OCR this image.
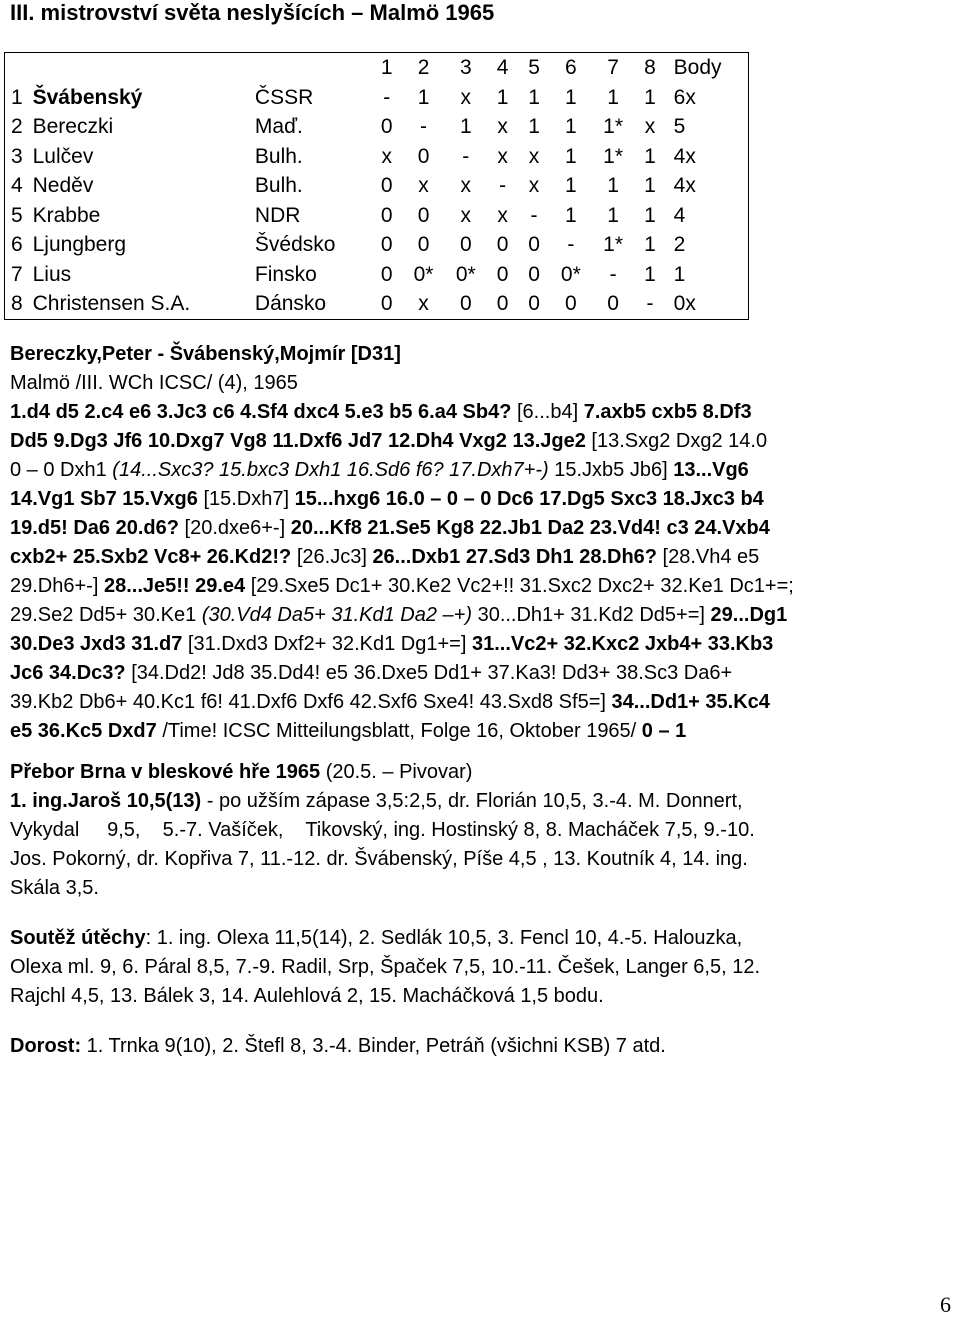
III. mistrovství světa neslyšících – Malmö 1965
			1	2	3	4	5	6	7	8	Body
1	Švábenský	ČSSR	-	1	x	1	1	1	1	1	6x
2	Bereczki	Maď.	0	-	1	x	1	1	1*	x	5
3	Lulčev	Bulh.	x	0	-	x	x	1	1*	1	4x
4	Neděv	Bulh.	0	x	x	-	x	1	1	1	4x
5	Krabbe	NDR	0	0	x	x	-	1	1	1	4
6	Ljungberg	Švédsko	0	0	0	0	0	-	1*	1	2
7	Lius	Finsko	0	0*	0*	0	0	0*	-	1	1
8	Christensen S.A.	Dánsko	0	x	0	0	0	0	0	-	0x
Bereczky,Peter - Švábenský,Mojmír [D31]
Malmö /III. WCh ICSC/ (4), 1965
1.d4 d5 2.c4 e6 3.Jc3 c6 4.Sf4 dxc4 5.e3 b5 6.a4 Sb4? [6...b4] 7.axb5 cxb5 8.Df3
Dd5 9.Dg3 Jf6 10.Dxg7 Vg8 11.Dxf6 Jd7 12.Dh4 Vxg2 13.Jge2 [13.Sxg2 Dxg2 14.0
0 – 0 Dxh1 (14...Sxc3? 15.bxc3 Dxh1 16.Sd6 f6? 17.Dxh7+-) 15.Jxb5 Jb6] 13...Vg6
14.Vg1 Sb7 15.Vxg6 [15.Dxh7] 15...hxg6 16.0 – 0 – 0 Dc6 17.Dg5 Sxc3 18.Jxc3 b4
19.d5! Da6 20.d6? [20.dxe6+-] 20...Kf8 21.Se5 Kg8 22.Jb1 Da2 23.Vd4! c3 24.Vxb4
cxb2+ 25.Sxb2 Vc8+ 26.Kd2!? [26.Jc3] 26...Dxb1 27.Sd3 Dh1 28.Dh6? [28.Vh4 e5
29.Dh6+-] 28...Je5!! 29.e4 [29.Sxe5 Dc1+ 30.Ke2 Vc2+!! 31.Sxc2 Dxc2+ 32.Ke1 Dc1+=;
29.Se2 Dd5+ 30.Ke1 (30.Vd4 Da5+ 31.Kd1 Da2 –+) 30...Dh1+ 31.Kd2 Dd5+=] 29...Dg1
30.De3 Jxd3 31.d7 [31.Dxd3 Dxf2+ 32.Kd1 Dg1+=] 31...Vc2+ 32.Kxc2 Jxb4+ 33.Kb3
Jc6 34.Dc3? [34.Dd2! Jd8 35.Dd4! e5 36.Dxe5 Dd1+ 37.Ka3! Dd3+ 38.Sc3 Da6+
39.Kb2 Db6+ 40.Kc1 f6! 41.Dxf6 Dxf6 42.Sxf6 Sxe4! 43.Sxd8 Sf5=] 34...Dd1+ 35.Kc4
e5 36.Kc5 Dxd7 /Time! ICSC Mitteilungsblatt, Folge 16, Oktober 1965/ 0 – 1
Přebor Brna v bleskové hře 1965 (20.5. – Pivovar)
1. ing.Jaroš 10,5(13) - po užším zápase 3,5:2,5, dr. Florián 10,5, 3.-4. M. Donnert,
Vykydal     9,5,    5.-7. Vašíček,    Tikovský, ing. Hostinský 8, 8. Macháček 7,5, 9.-10.
Jos. Pokorný, dr. Kopřiva 7, 11.-12. dr. Švábenský, Píše 4,5 , 13. Koutník 4, 14. ing.
Skála 3,5.
Soutěž útěchy: 1. ing. Olexa 11,5(14), 2. Sedlák 10,5, 3. Fencl 10, 4.-5. Halouzka,
Olexa ml. 9, 6. Páral 8,5, 7.-9. Radil, Srp, Špaček 7,5, 10.-11. Češek, Langer 6,5, 12.
Rajchl 4,5, 13. Bálek 3, 14. Aulehlová 2, 15. Macháčková 1,5 bodu.
Dorost: 1. Trnka 9(10), 2. Štefl 8, 3.-4. Binder, Petráň (všichni KSB) 7 atd.
6
